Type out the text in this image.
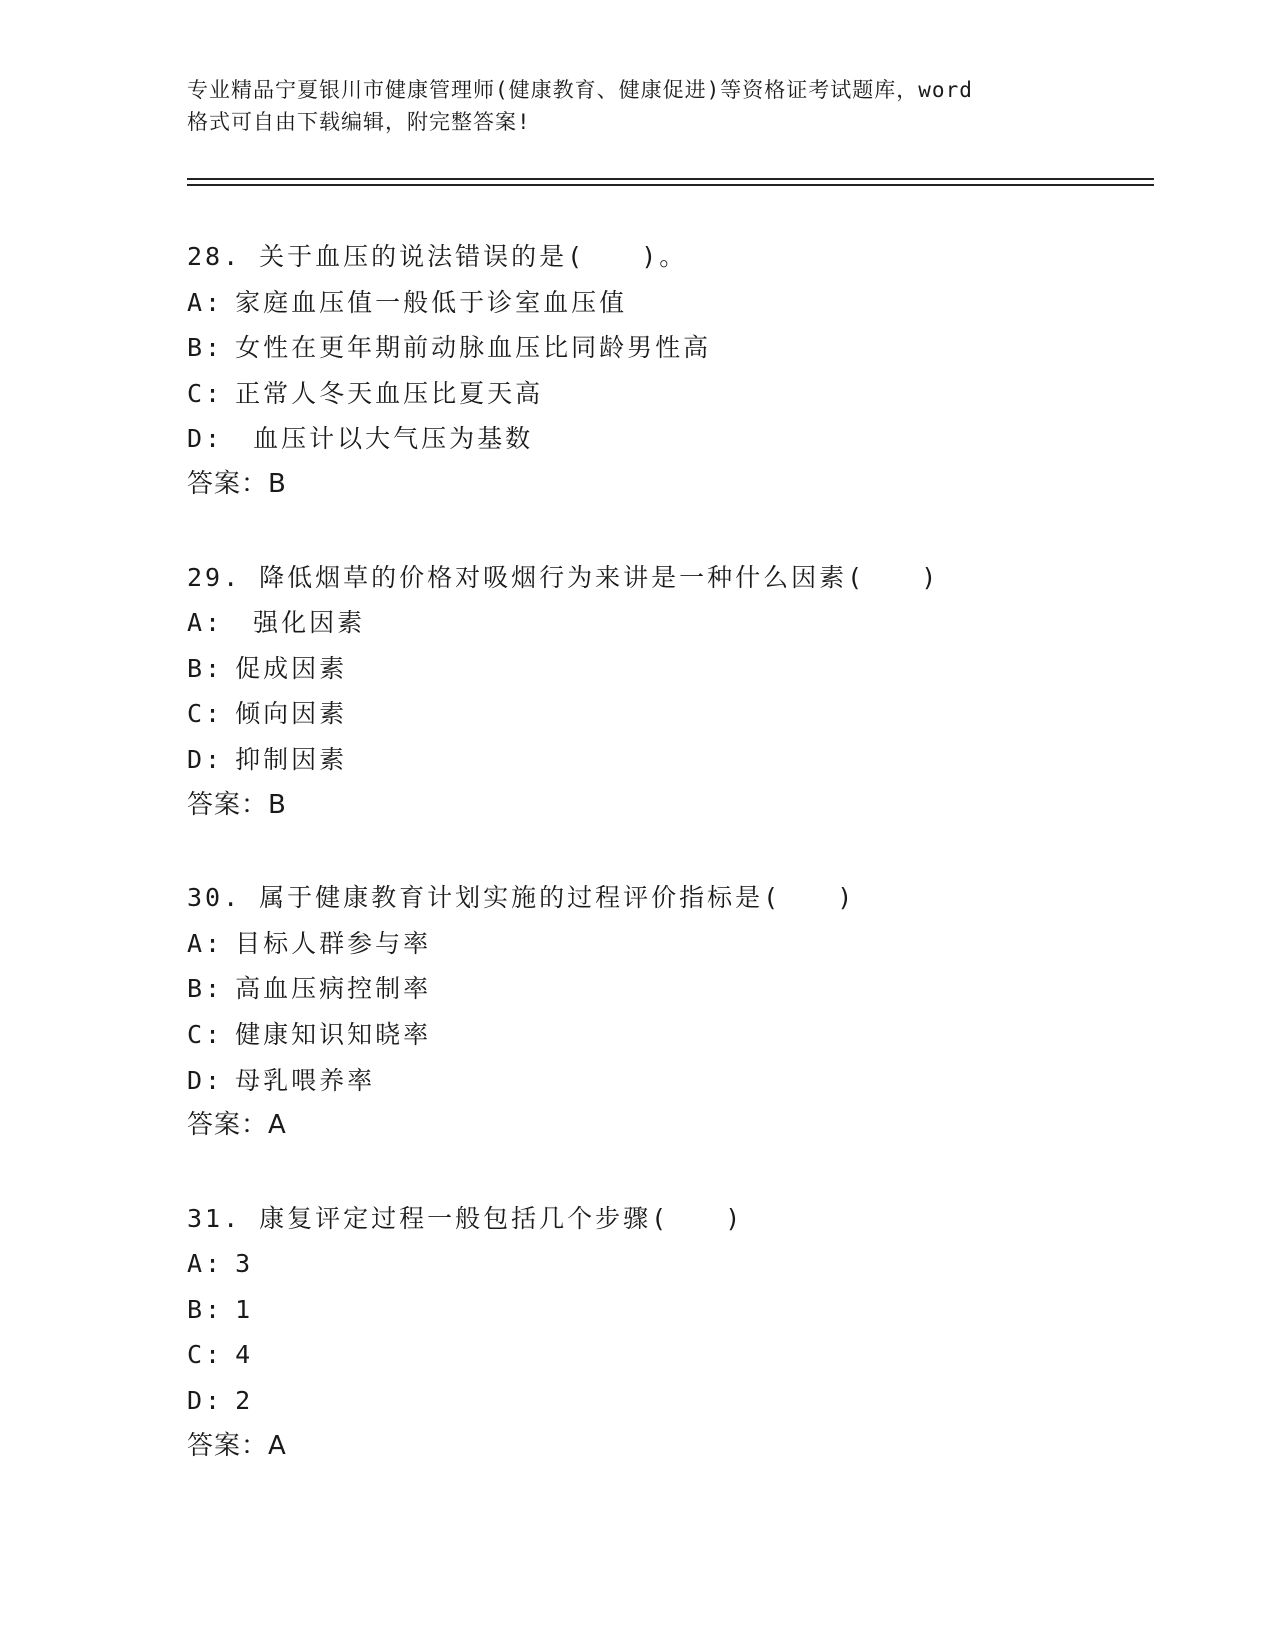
专业精品宁夏银川市健康管理师(健康教育、健康促进)等资格证考试题库，word
格式可自由下载编辑，附完整答案!
28. 关于血压的说法错误的是(　　)。
A: 家庭血压值一般低于诊室血压值
B: 女性在更年期前动脉血压比同龄男性高
C: 正常人冬天血压比夏天高
D: 血压计以大气压为基数
答案：B
29. 降低烟草的价格对吸烟行为来讲是一种什么因素(　　)
A: 强化因素
B: 促成因素
C: 倾向因素
D: 抑制因素
答案：B
30. 属于健康教育计划实施的过程评价指标是(　　)
A: 目标人群参与率
B: 高血压病控制率
C: 健康知识知晓率
D: 母乳喂养率
答案：A
31. 康复评定过程一般包括几个步骤(　　)
A: 3
B: 1
C: 4
D: 2
答案：A
